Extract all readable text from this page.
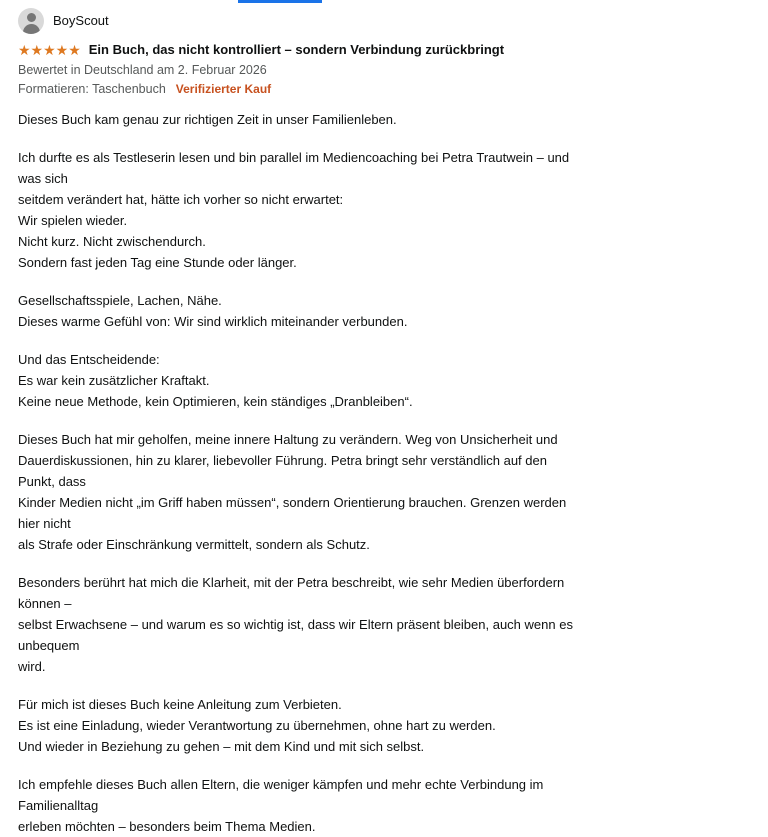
BoyScout
★★★★★ Ein Buch, das nicht kontrolliert – sondern Verbindung zurückbringt
Bewertet in Deutschland am 2. Februar 2026
Formatieren: Taschenbuch Verifizierter Kauf

Dieses Buch kam genau zur richtigen Zeit in unser Familienleben.

Ich durfte es als Testleserin lesen und bin parallel im Mediencoaching bei Petra Trautwein – und was sich
seitdem verändert hat, hätte ich vorher so nicht erwartet:
Wir spielen wieder.
Nicht kurz. Nicht zwischendurch.
Sondern fast jeden Tag eine Stunde oder länger.

Gesellschaftsspiele, Lachen, Nähe.
Dieses warme Gefühl von: Wir sind wirklich miteinander verbunden.

Und das Entscheidende:
Es war kein zusätzlicher Kraftakt.
Keine neue Methode, kein Optimieren, kein ständiges „Dranbleiben“.

Dieses Buch hat mir geholfen, meine innere Haltung zu verändern. Weg von Unsicherheit und
Dauerdiskussionen, hin zu klarer, liebevoller Führung. Petra bringt sehr verständlich auf den Punkt, dass
Kinder Medien nicht „im Griff haben müssen“, sondern Orientierung brauchen. Grenzen werden hier nicht
als Strafe oder Einschränkung vermittelt, sondern als Schutz.

Besonders berührt hat mich die Klarheit, mit der Petra beschreibt, wie sehr Medien überfordern können –
selbst Erwachsene – und warum es so wichtig ist, dass wir Eltern präsent bleiben, auch wenn es unbequem
wird.

Für mich ist dieses Buch keine Anleitung zum Verbieten.
Es ist eine Einladung, wieder Verantwortung zu übernehmen, ohne hart zu werden.
Und wieder in Beziehung zu gehen – mit dem Kind und mit sich selbst.

Ich empfehle dieses Buch allen Eltern, die weniger kämpfen und mehr echte Verbindung im Familienalltag
erleben möchten – besonders beim Thema Medien.
